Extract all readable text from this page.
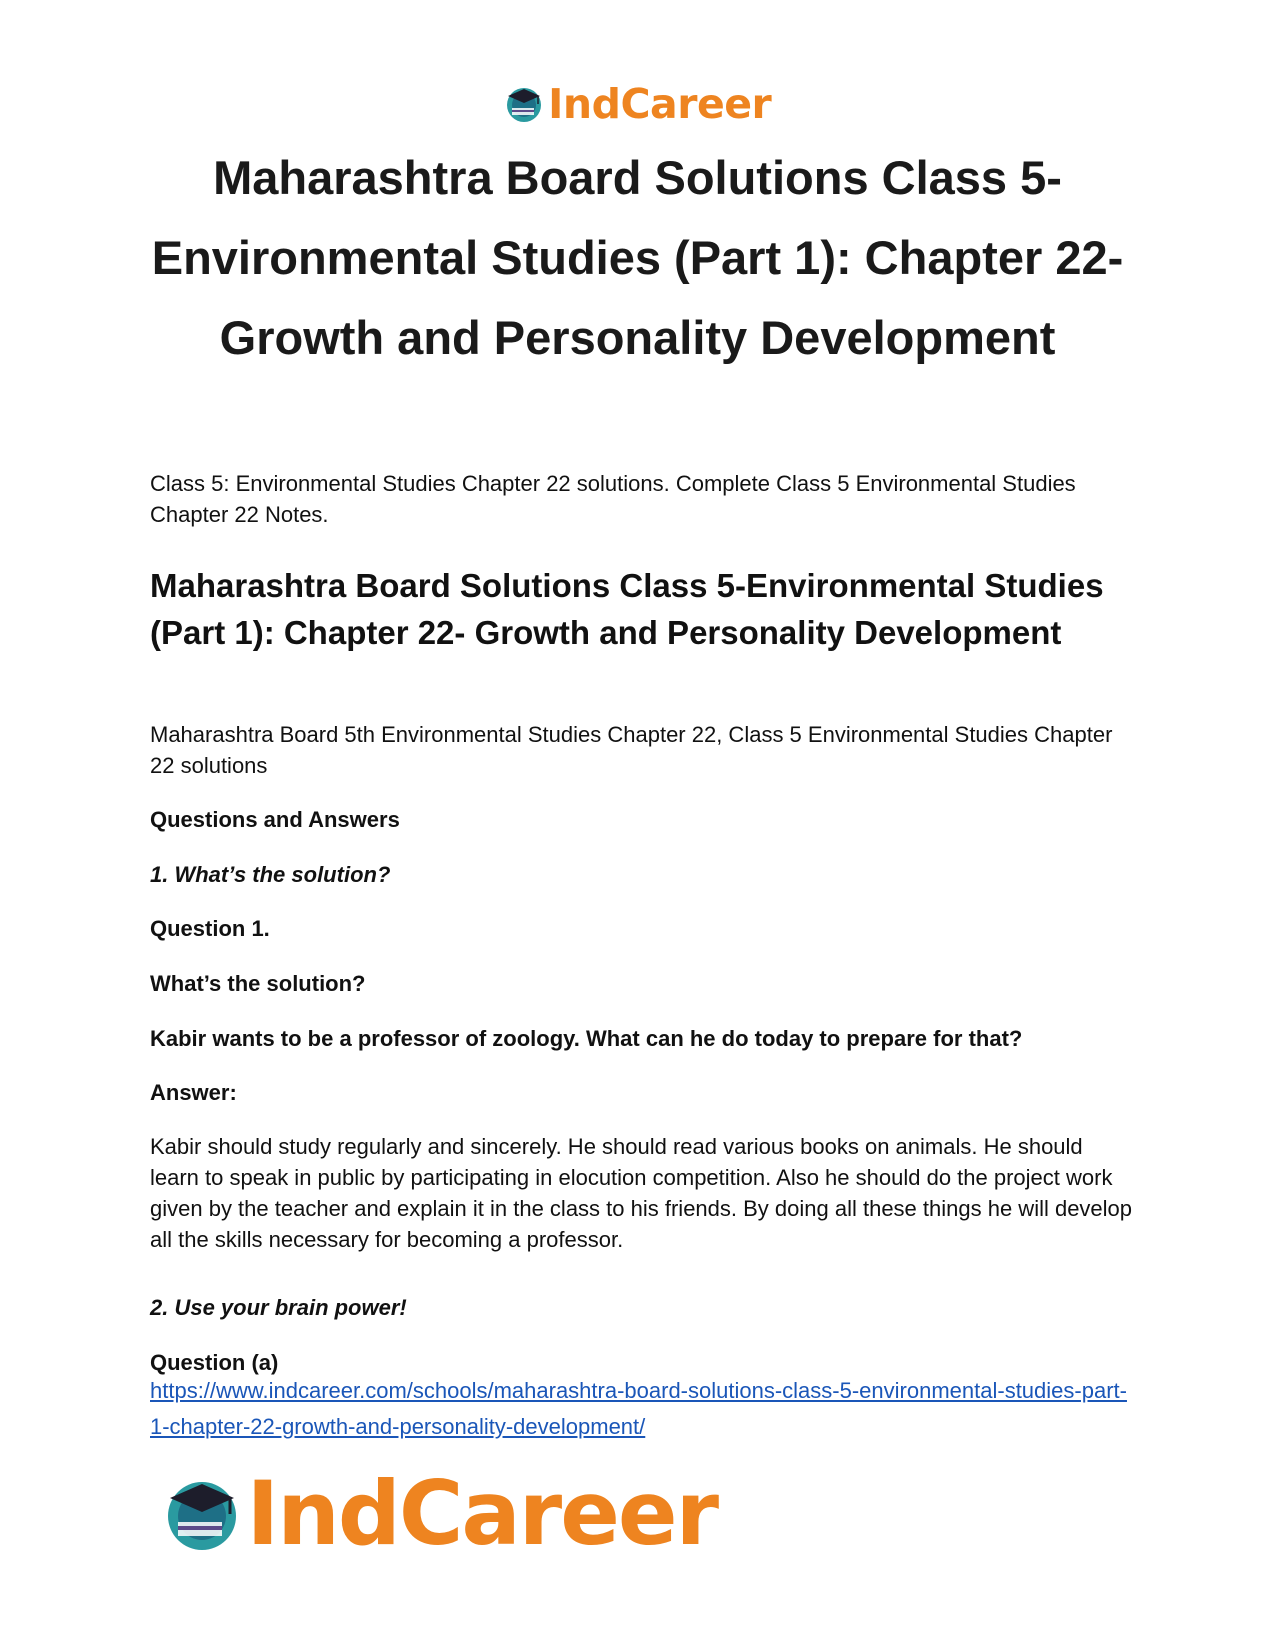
IndCareer
Maharashtra Board Solutions Class 5-Environmental Studies (Part 1): Chapter 22- Growth and Personality Development

Class 5: Environmental Studies Chapter 22 solutions. Complete Class 5 Environmental Studies Chapter 22 Notes.

Maharashtra Board Solutions Class 5-Environmental Studies (Part 1): Chapter 22- Growth and Personality Development

Maharashtra Board 5th Environmental Studies Chapter 22, Class 5 Environmental Studies Chapter 22 solutions

Questions and Answers

1. What’s the solution?

Question 1.

What’s the solution?

Kabir wants to be a professor of zoology. What can he do today to prepare for that?

Answer:

Kabir should study regularly and sincerely. He should read various books on animals. He should learn to speak in public by participating in elocution competition. Also he should do the project work given by the teacher and explain it in the class to his friends. By doing all these things he will develop all the skills necessary for becoming a professor.

2. Use your brain power!

Question (a)

https://www.indcareer.com/schools/maharashtra-board-solutions-class-5-environmental-studies-part-1-chapter-22-growth-and-personality-development/
IndCareer
